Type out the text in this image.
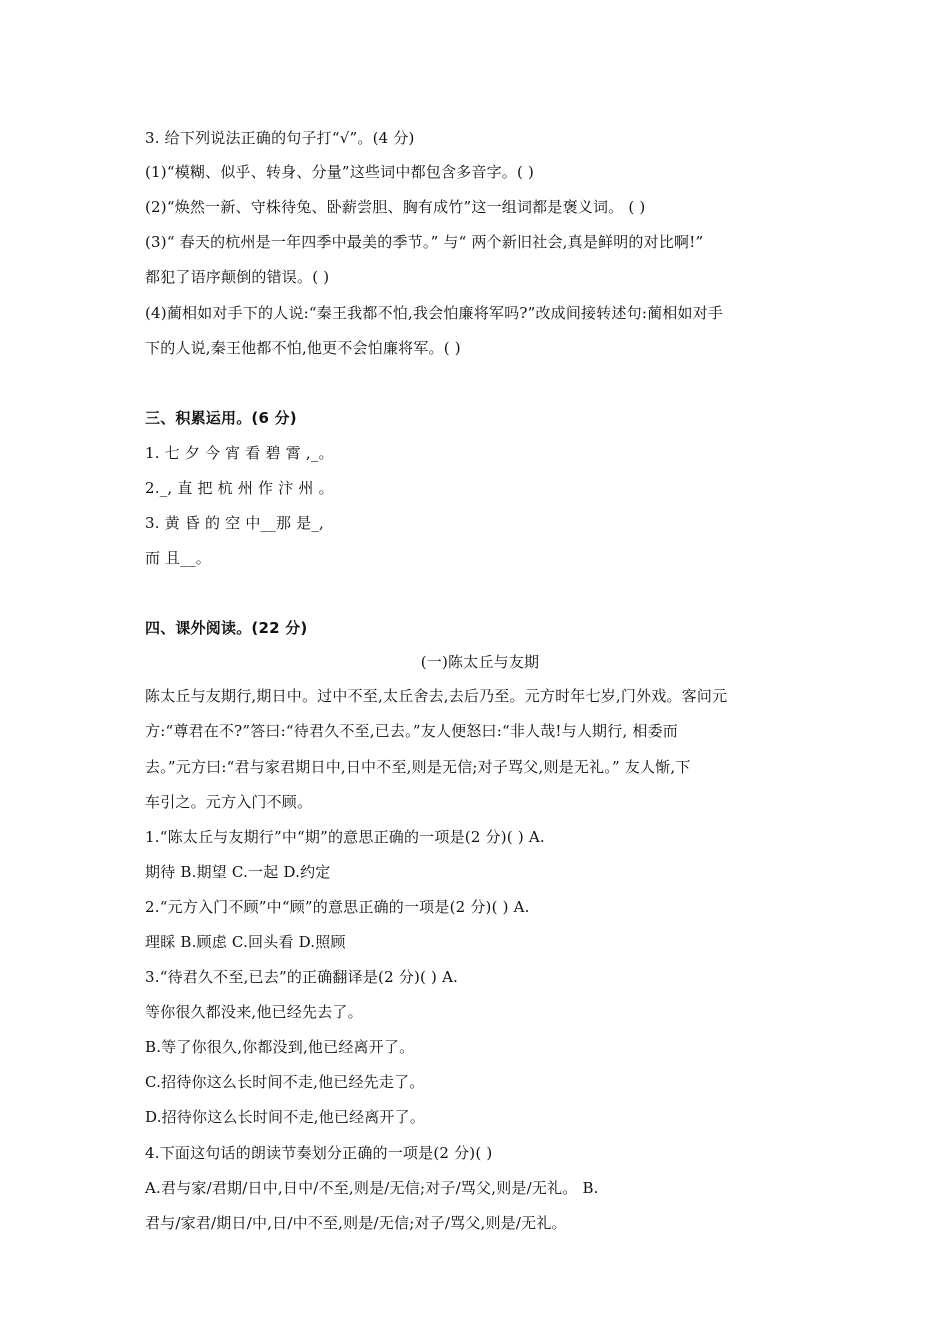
3. 给下列说法正确的句子打“√”。(4 分)
(1)“模糊、似乎、转身、分量”这些词中都包含多音字。( )
(2)“焕然一新、守株待兔、卧薪尝胆、胸有成竹”这一组词都是褒义词。 ( )
(3)“ 春天的杭州是一年四季中最美的季节。” 与“ 两个新旧社会,真是鲜明的对比啊!”
都犯了语序颠倒的错误。( )
(4)蔺相如对手下的人说:“秦王我都不怕,我会怕廉将军吗?”改成间接转述句:蔺相如对手
下的人说,秦王他都不怕,他更不会怕廉将军。( )
三、积累运用。(6 分)
1. 七 夕 今 宵 看 碧 霄 ,_。
2._, 直 把 杭 州 作 汴 州 。
3. 黄 昏 的 空 中__那 是_,
而 且__。
四、课外阅读。(22 分)
(一)陈太丘与友期
陈太丘与友期行,期日中。过中不至,太丘舍去,去后乃至。元方时年七岁,门外戏。客问元
方:“尊君在不?”答曰:“待君久不至,已去。”友人便怒曰:“非人哉!与人期行, 相委而
去。”元方曰:“君与家君期日中,日中不至,则是无信;对子骂父,则是无礼。” 友人惭,下
车引之。元方入门不顾。
1.“陈太丘与友期行”中“期”的意思正确的一项是(2 分)( ) A.
期待 B.期望 C.一起 D.约定
2.“元方入门不顾”中“顾”的意思正确的一项是(2 分)( ) A.
理睬 B.顾虑 C.回头看 D.照顾
3.“待君久不至,已去”的正确翻译是(2 分)( ) A.
等你很久都没来,他已经先去了。
B.等了你很久,你都没到,他已经离开了。
C.招待你这么长时间不走,他已经先走了。
D.招待你这么长时间不走,他已经离开了。
4.下面这句话的朗读节奏划分正确的一项是(2 分)( )
A.君与家/君期/日中,日中/不至,则是/无信;对子/骂父,则是/无礼。 B.
君与/家君/期日/中,日/中不至,则是/无信;对子/骂父,则是/无礼。
